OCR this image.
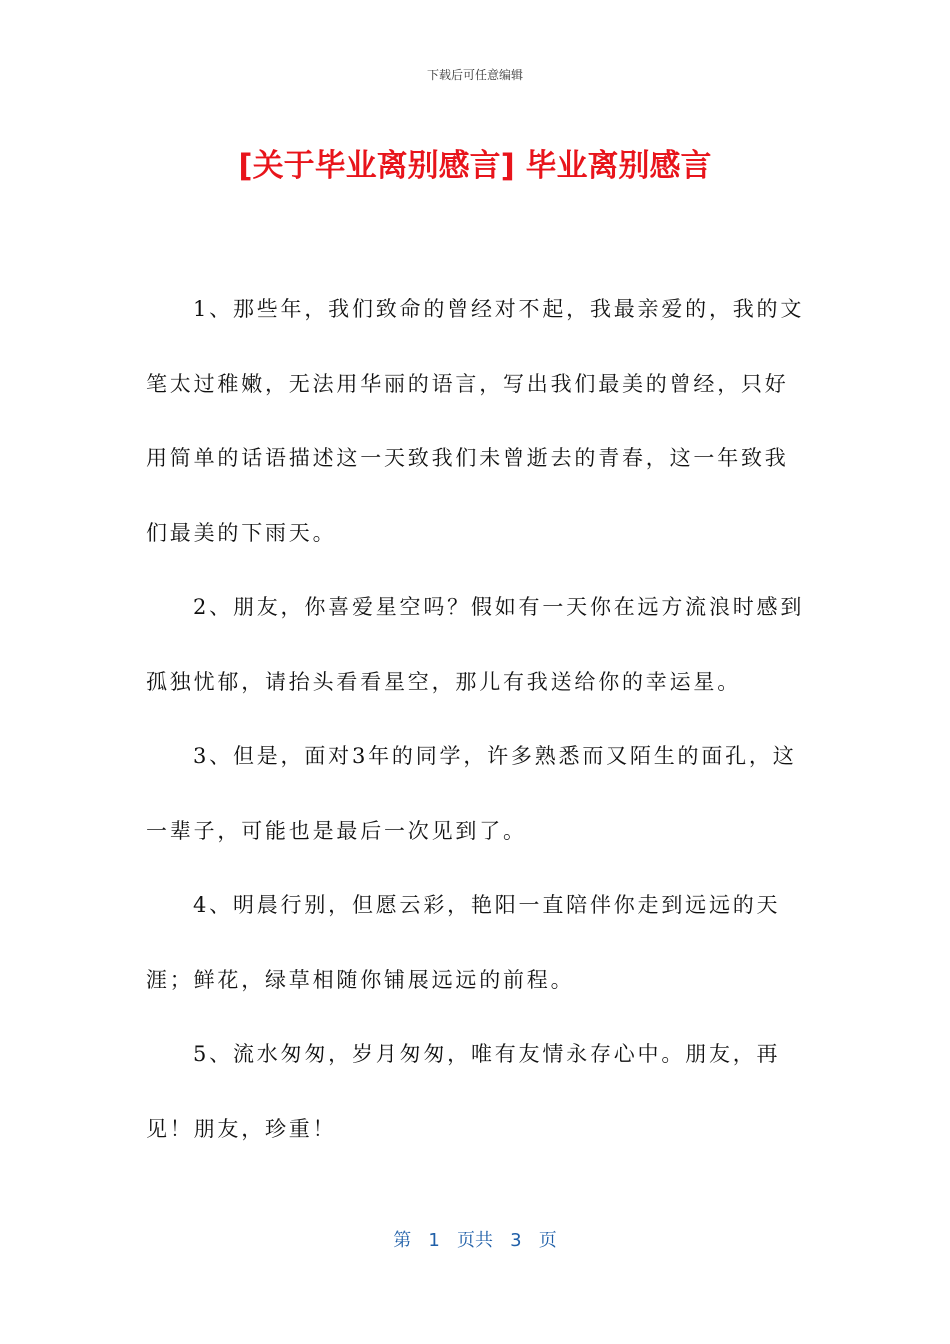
下载后可任意编辑
[关于毕业离别感言] 毕业离别感言

1、那些年，我们致命的曾经对不起，我最亲爱的，我的文笔太过稚嫩，无法用华丽的语言，写出我们最美的曾经，只好用简单的话语描述这一天致我们未曾逝去的青春，这一年致我们最美的下雨天。

2、朋友，你喜爱星空吗？假如有一天你在远方流浪时感到孤独忧郁，请抬头看看星空，那儿有我送给你的幸运星。

3、但是，面对3年的同学，许多熟悉而又陌生的面孔，这一辈子，可能也是最后一次见到了。

4、明晨行别，但愿云彩，艳阳一直陪伴你走到远远的天涯；鲜花，绿草相随你铺展远远的前程。

5、流水匆匆，岁月匆匆，唯有友情永存心中。朋友，再见！朋友，珍重！

第 1 页共 3 页
